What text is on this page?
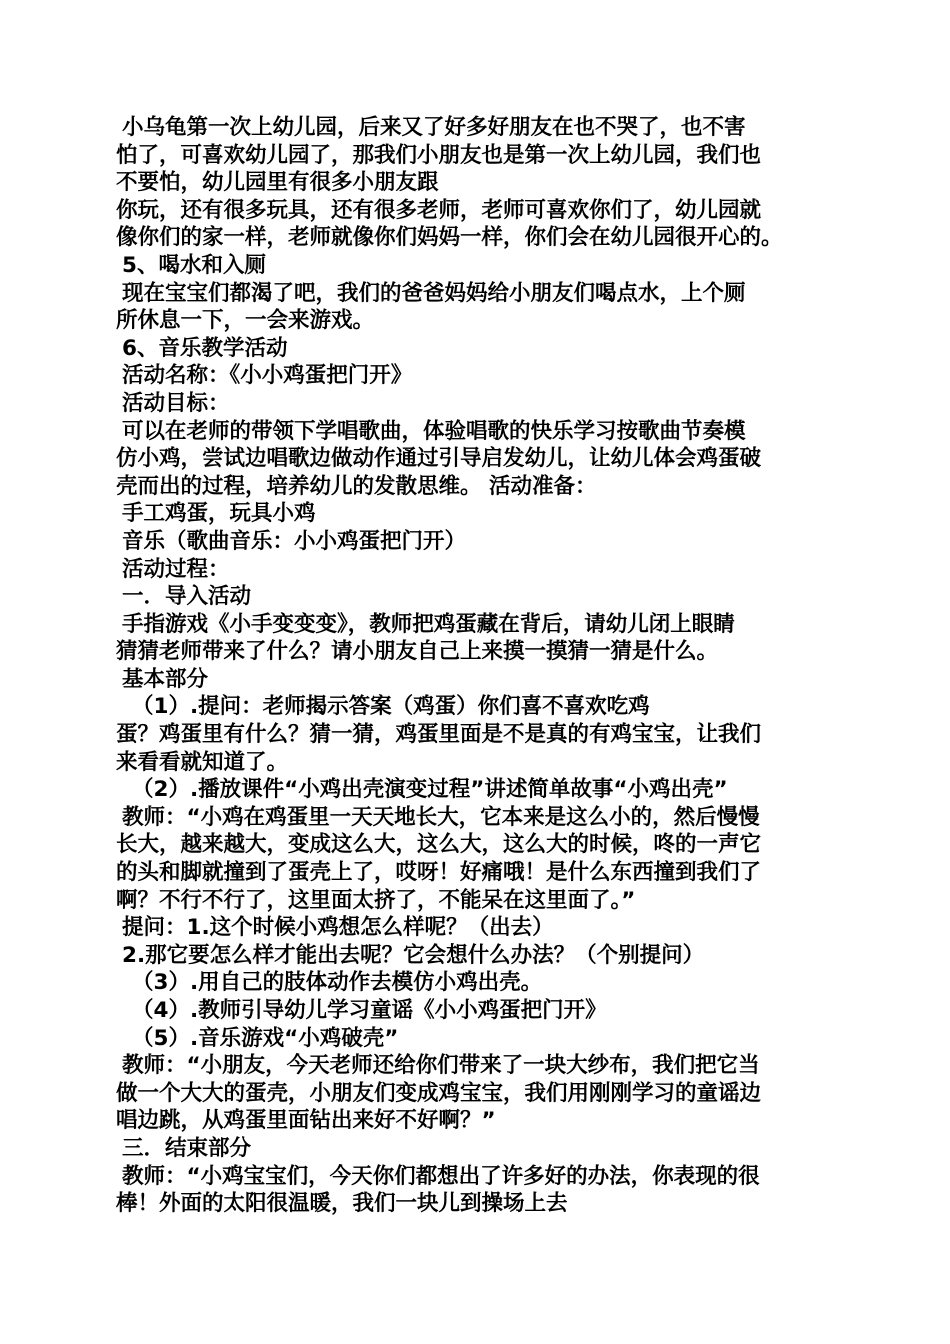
小乌龟第一次上幼儿园，后来又了好多好朋友在也不哭了，也不害
怕了，可喜欢幼儿园了，那我们小朋友也是第一次上幼儿园，我们也
不要怕，幼儿园里有很多小朋友跟
你玩，还有很多玩具，还有很多老师，老师可喜欢你们了，幼儿园就
像你们的家一样，老师就像你们妈妈一样，你们会在幼儿园很开心的。
5、喝水和入厕
现在宝宝们都渴了吧，我们的爸爸妈妈给小朋友们喝点水，上个厕
所休息一下，一会来游戏。
6、音乐教学活动
活动名称：《小小鸡蛋把门开》
活动目标：
可以在老师的带领下学唱歌曲，体验唱歌的快乐学习按歌曲节奏模
仿小鸡，尝试边唱歌边做动作通过引导启发幼儿，让幼儿体会鸡蛋破
壳而出的过程，培养幼儿的发散思维。 活动准备：
手工鸡蛋，玩具小鸡
音乐（歌曲音乐：小小鸡蛋把门开）
活动过程：
一．导入活动
手指游戏《小手变变变》，教师把鸡蛋藏在背后，请幼儿闭上眼睛
猜猜老师带来了什么？请小朋友自己上来摸一摸猜一猜是什么。
基本部分
（1）.提问：老师揭示答案（鸡蛋）你们喜不喜欢吃鸡
蛋？鸡蛋里有什么？猜一猜，鸡蛋里面是不是真的有鸡宝宝，让我们
来看看就知道了。
（2）.播放课件“小鸡出壳演变过程”讲述简单故事“小鸡出壳”
教师：“小鸡在鸡蛋里一天天地长大，它本来是这么小的，然后慢慢
长大，越来越大，变成这么大，这么大，这么大的时候，咚的一声它
的头和脚就撞到了蛋壳上了，哎呀！好痛哦！是什么东西撞到我们了
啊？不行不行了，这里面太挤了，不能呆在这里面了。”
提问：1.这个时候小鸡想怎么样呢？（出去）
2.那它要怎么样才能出去呢？它会想什么办法？（个别提问）
（3）.用自己的肢体动作去模仿小鸡出壳。
（4）.教师引导幼儿学习童谣《小小鸡蛋把门开》
（5）.音乐游戏“小鸡破壳”
教师：“小朋友，今天老师还给你们带来了一块大纱布，我们把它当
做一个大大的蛋壳，小朋友们变成鸡宝宝，我们用刚刚学习的童谣边
唱边跳，从鸡蛋里面钻出来好不好啊？”
三．结束部分
教师：“小鸡宝宝们，今天你们都想出了许多好的办法，你表现的很
棒！外面的太阳很温暖，我们一块儿到操场上去
